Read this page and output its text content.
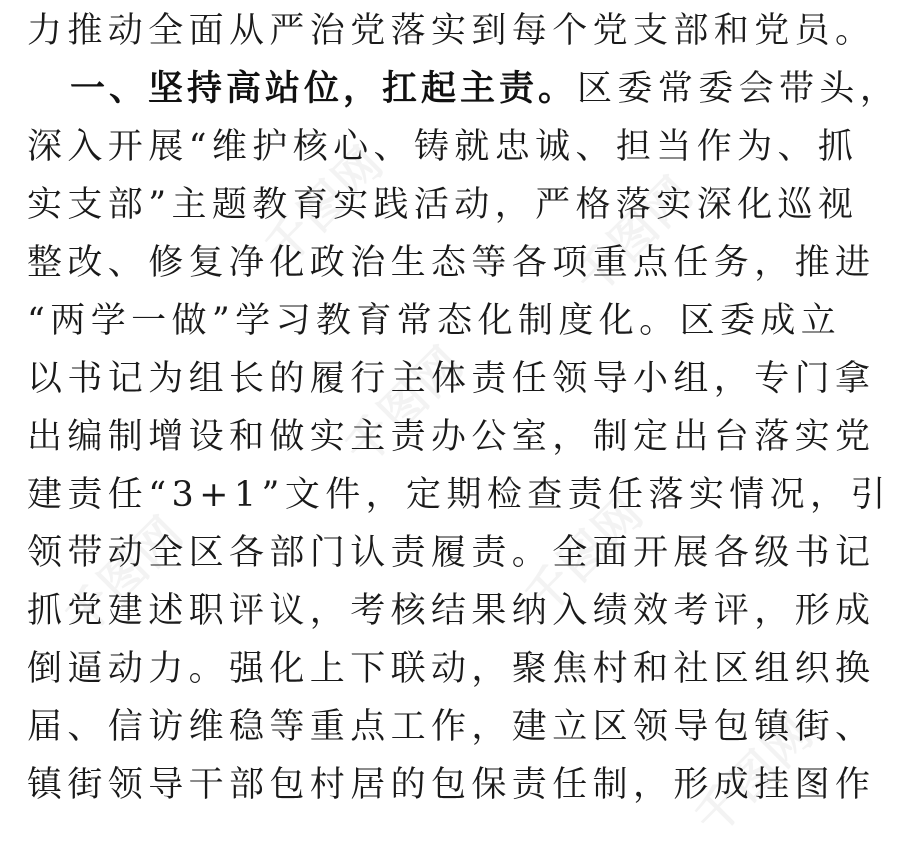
千图网	千图网
千图网
千图网	千图网
千图网
力推动全面从严治党落实到每个党支部和党员。
一、坚持高站位，扛起主责。区委常委会带头，
深入开展“维护核心、铸就忠诚、担当作为、抓
实支部”主题教育实践活动，严格落实深化巡视
整改、修复净化政治生态等各项重点任务，推进
“两学一做”学习教育常态化制度化。区委成立
以书记为组长的履行主体责任领导小组，专门拿
出编制增设和做实主责办公室，制定出台落实党
建责任“3+1”文件，定期检查责任落实情况，引
领带动全区各部门认责履责。全面开展各级书记
抓党建述职评议，考核结果纳入绩效考评，形成
倒逼动力。强化上下联动，聚焦村和社区组织换
届、信访维稳等重点工作，建立区领导包镇街、
镇街领导干部包村居的包保责任制，形成挂图作
